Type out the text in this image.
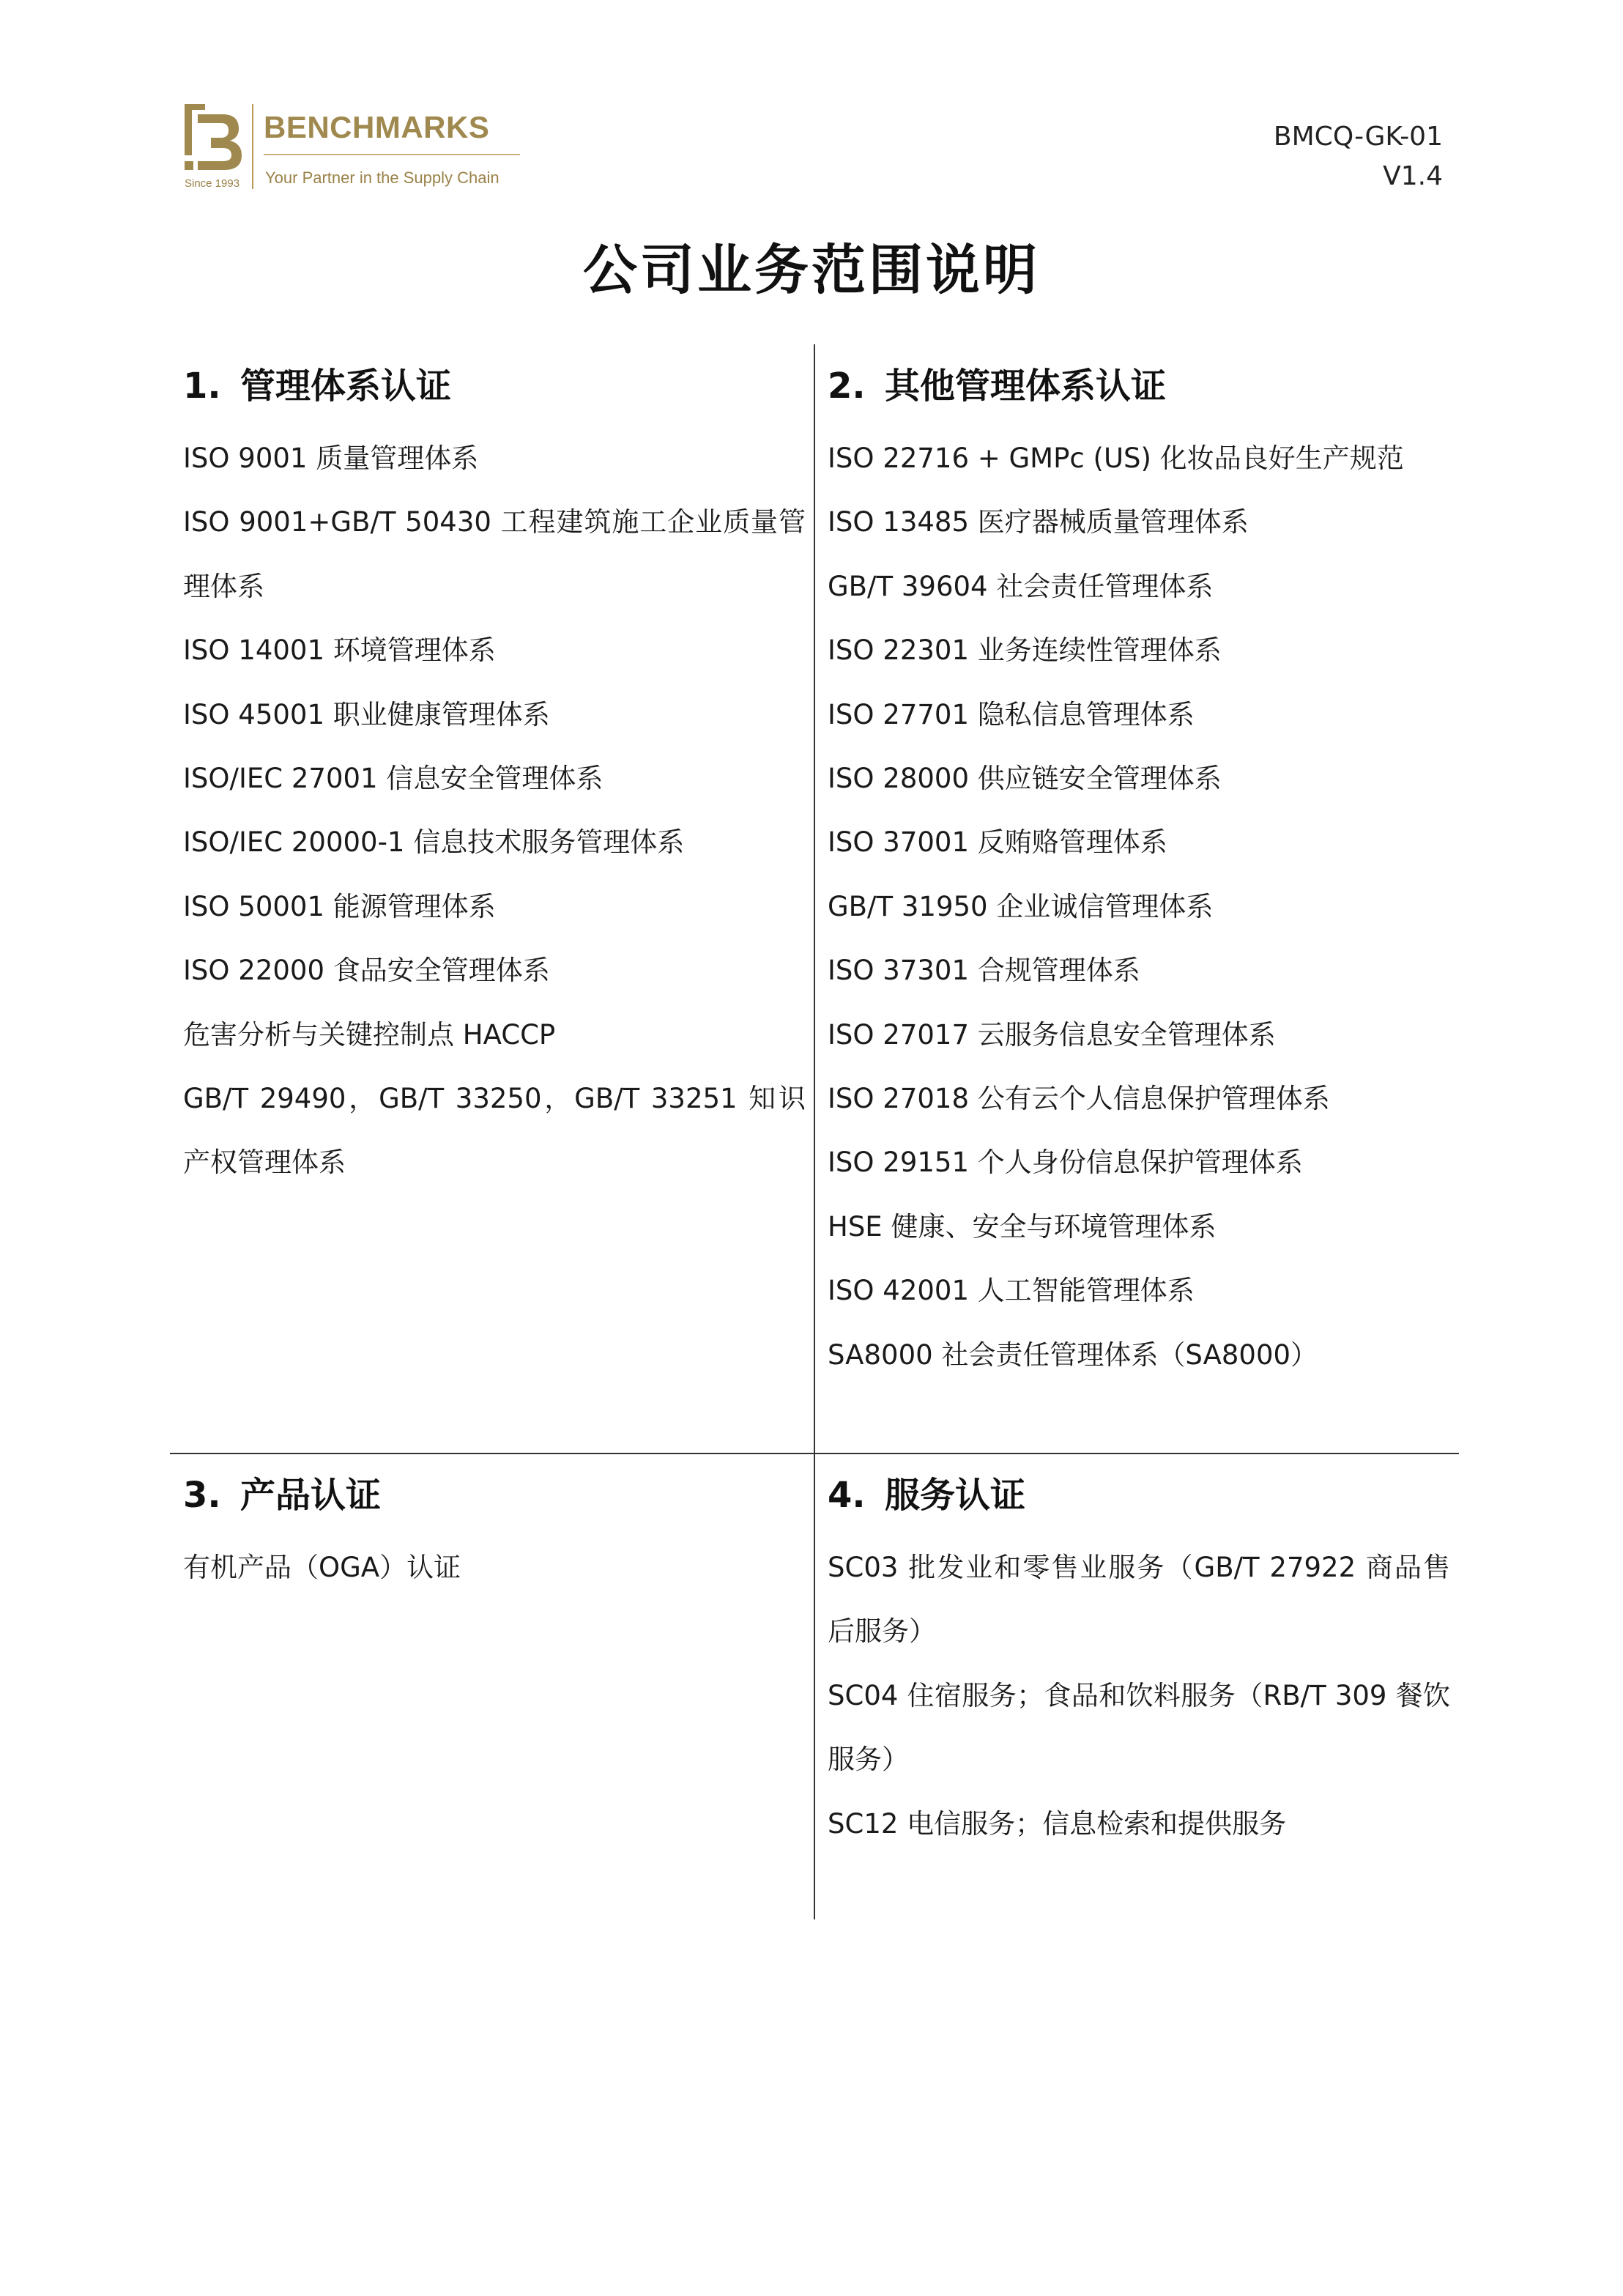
Since 1993
BENCHMARKS
Your Partner in the Supply Chain
BMCQ-GK-01
V1.4
公司业务范围说明
1. 管理体系认证
ISO 9001 质量管理体系
ISO 9001+GB/T 50430 工程建筑施工企业质量管理体系
ISO 14001 环境管理体系
ISO 45001 职业健康管理体系
ISO/IEC 27001 信息安全管理体系
ISO/IEC 20000-1 信息技术服务管理体系
ISO 50001 能源管理体系
ISO 22000 食品安全管理体系
危害分析与关键控制点 HACCP
GB/T 29490，GB/T 33250，GB/T 33251 知识产权管理体系
2. 其他管理体系认证
ISO 22716 + GMPc (US) 化妆品良好生产规范
ISO 13485 医疗器械质量管理体系
GB/T 39604 社会责任管理体系
ISO 22301 业务连续性管理体系
ISO 27701 隐私信息管理体系
ISO 28000 供应链安全管理体系
ISO 37001 反贿赂管理体系
GB/T 31950 企业诚信管理体系
ISO 37301 合规管理体系
ISO 27017 云服务信息安全管理体系
ISO 27018 公有云个人信息保护管理体系
ISO 29151 个人身份信息保护管理体系
HSE 健康、安全与环境管理体系
ISO 42001 人工智能管理体系
SA8000 社会责任管理体系（SA8000）
3. 产品认证
有机产品（OGA）认证
4. 服务认证
SC03 批发业和零售业服务（GB/T 27922 商品售后服务）
SC04 住宿服务；食品和饮料服务（RB/T 309 餐饮服务）
SC12 电信服务；信息检索和提供服务
